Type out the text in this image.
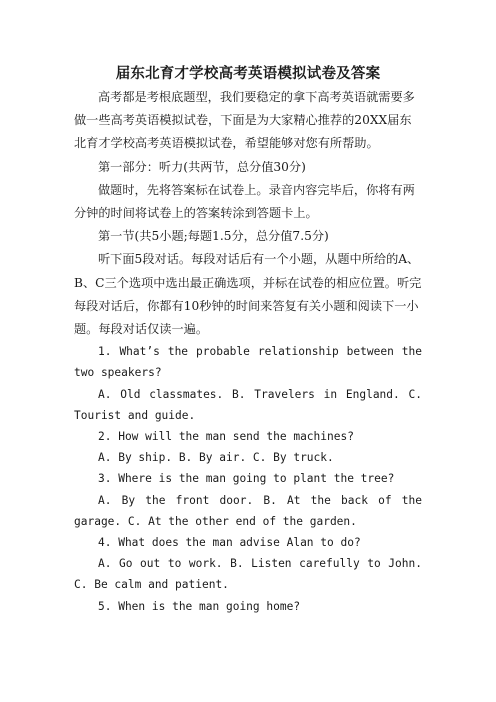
届东北育才学校高考英语模拟试卷及答案

高考都是考根底题型，我们要稳定的拿下高考英语就需要多做一些高考英语模拟试卷，下面是为大家精心推荐的20XX届东北育才学校高考英语模拟试卷，希望能够对您有所帮助。

第一部分：听力(共两节，总分值30分)

做题时，先将答案标在试卷上。录音内容完毕后，你将有两分钟的时间将试卷上的答案转涂到答题卡上。

第一节(共5小题;每题1.5分，总分值7.5分)

听下面5段对话。每段对话后有一个小题，从题中所给的A、B、C三个选项中选出最正确选项，并标在试卷的相应位置。听完每段对话后，你都有10秒钟的时间来答复有关小题和阅读下一小题。每段对话仅读一遍。

1. What’s the probable relationship between the two speakers?

A. Old classmates. B. Travelers in England. C. Tourist and guide.

2. How will the man send the machines?

A. By ship. B. By air. C. By truck.

3. Where is the man going to plant the tree?

A. By the front door. B. At the back of the garage. C. At the other end of the garden.

4. What does the man advise Alan to do?

A. Go out to work. B. Listen carefully to John. C. Be calm and patient.

5. When is the man going home?
